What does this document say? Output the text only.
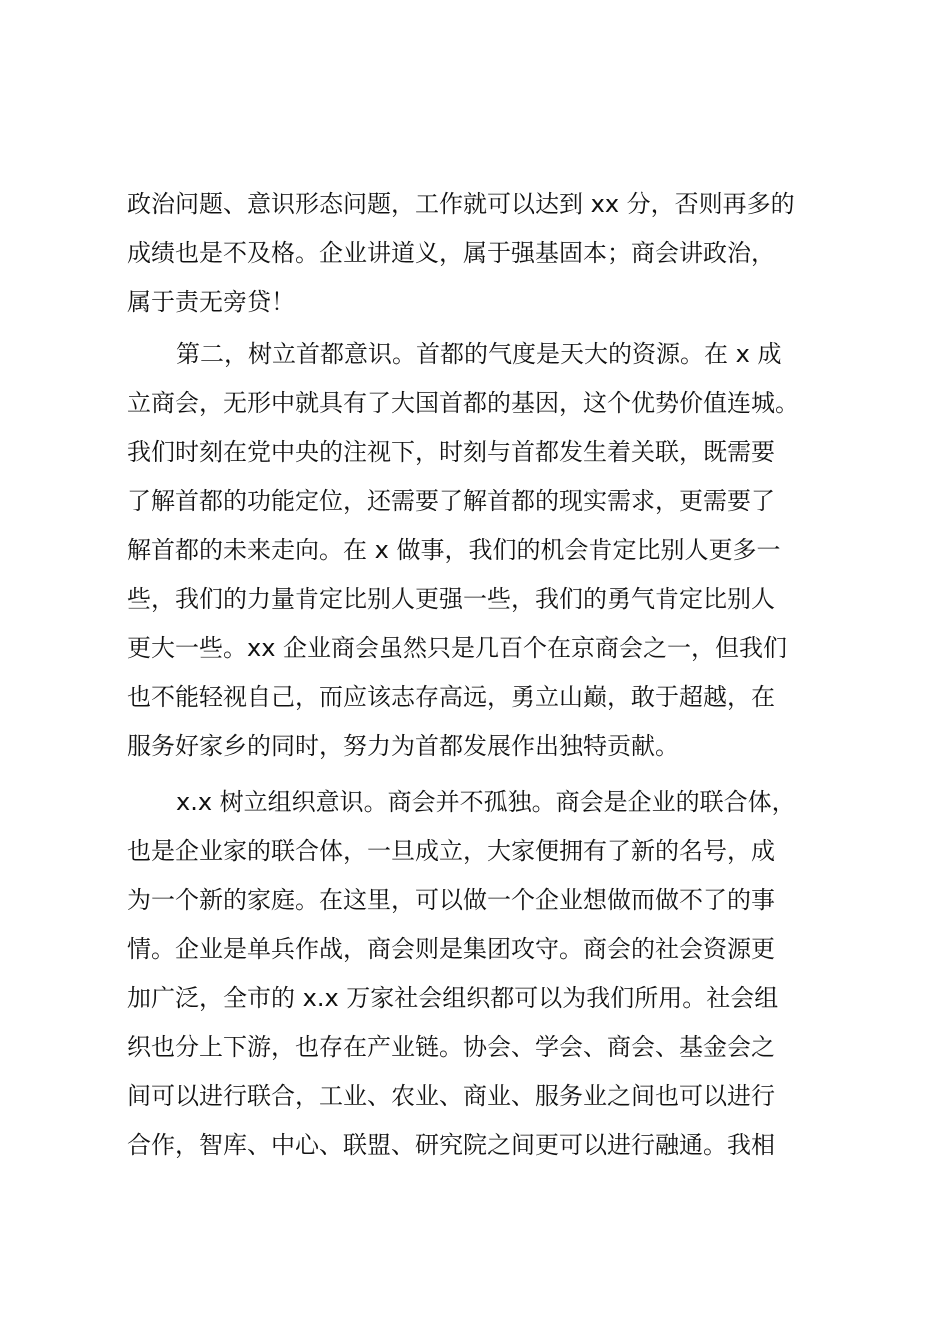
政治问题、意识形态问题，工作就可以达到 xx 分，否则再多的
成绩也是不及格。企业讲道义，属于强基固本；商会讲政治，
属于责无旁贷！
第二，树立首都意识。首都的气度是天大的资源。在 x 成
立商会，无形中就具有了大国首都的基因，这个优势价值连城。
我们时刻在党中央的注视下，时刻与首都发生着关联，既需要
了解首都的功能定位，还需要了解首都的现实需求，更需要了
解首都的未来走向。在 x 做事，我们的机会肯定比别人更多一
些，我们的力量肯定比别人更强一些，我们的勇气肯定比别人
更大一些。xx 企业商会虽然只是几百个在京商会之一，但我们
也不能轻视自己，而应该志存高远，勇立山巅，敢于超越，在
服务好家乡的同时，努力为首都发展作出独特贡献。
x.x 树立组织意识。商会并不孤独。商会是企业的联合体，
也是企业家的联合体，一旦成立，大家便拥有了新的名号，成
为一个新的家庭。在这里，可以做一个企业想做而做不了的事
情。企业是单兵作战，商会则是集团攻守。商会的社会资源更
加广泛，全市的 x.x 万家社会组织都可以为我们所用。社会组
织也分上下游，也存在产业链。协会、学会、商会、基金会之
间可以进行联合，工业、农业、商业、服务业之间也可以进行
合作，智库、中心、联盟、研究院之间更可以进行融通。我相
